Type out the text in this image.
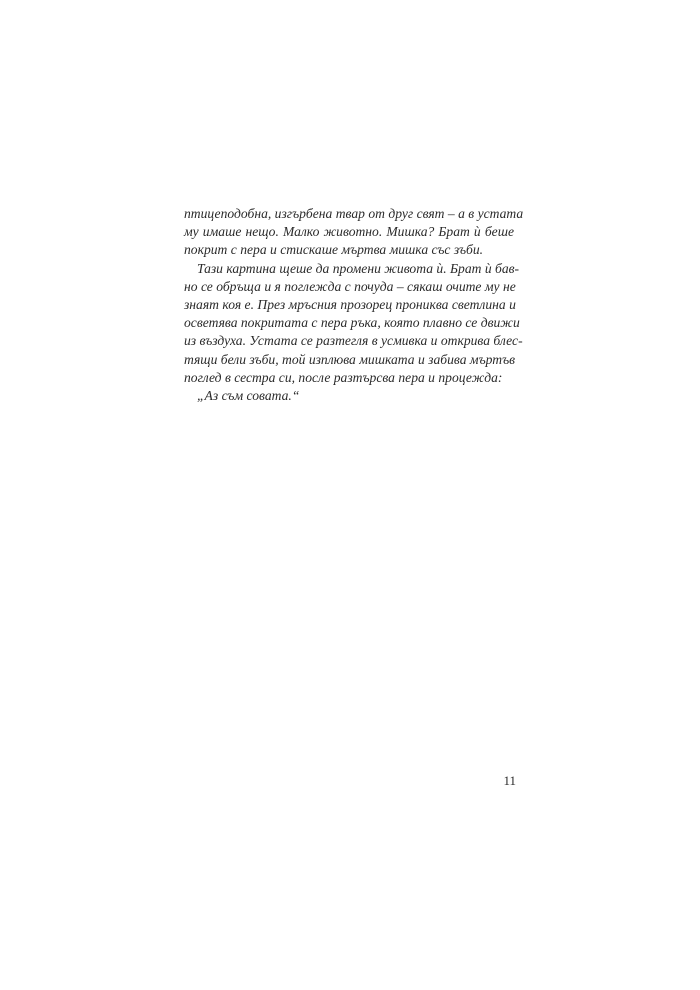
птицеподобна, изгърбена твар от друг свят – а в устата
му имаше нещо. Малко животно. Мишка? Брат ѝ беше
покрит с пера и стискаше мъртва мишка със зъби.
Тази картина щеше да промени живота ѝ. Брат ѝ бав-
но се обръща и я поглежда с почуда – сякаш очите му не
знаят коя е. През мръсния прозорец прониква светлина и
осветява покритата с пера ръка, която плавно се движи
из въздуха. Устата се разтегля в усмивка и открива блес-
тящи бели зъби, той изплюва мишката и забива мъртъв
поглед в сестра си, после разтърсва пера и процежда:
„Аз съм совата.“
11
